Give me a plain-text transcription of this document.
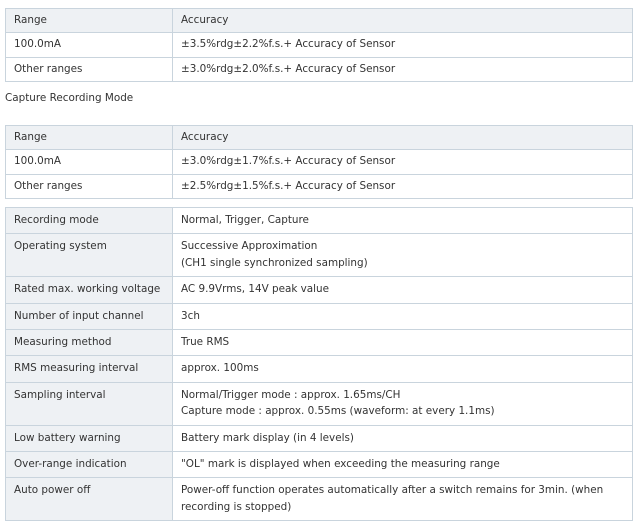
Range	Accuracy
100.0mA	±3.5%rdg±2.2%f.s.+ Accuracy of Sensor
Other ranges	±3.0%rdg±2.0%f.s.+ Accuracy of Sensor
Capture Recording Mode
Range	Accuracy
100.0mA	±3.0%rdg±1.7%f.s.+ Accuracy of Sensor
Other ranges	±2.5%rdg±1.5%f.s.+ Accuracy of Sensor
Recording mode	Normal, Trigger, Capture

Operating system	Successive Approximation
(CH1 single synchronized sampling)

Rated max. working voltage	AC 9.9Vrms, 14V peak value

Number of input channel	3ch

Measuring method	True RMS

RMS measuring interval	approx. 100ms

Sampling interval	Normal/Trigger mode : approx. 1.65ms/CH
Capture mode : approx. 0.55ms (waveform: at every 1.1ms)

Low battery warning	Battery mark display (in 4 levels)

Over-range indication	"OL" mark is displayed when exceeding the measuring range

Auto power off	Power-off function operates automatically after a switch remains for 3min. (when
recording is stopped)
